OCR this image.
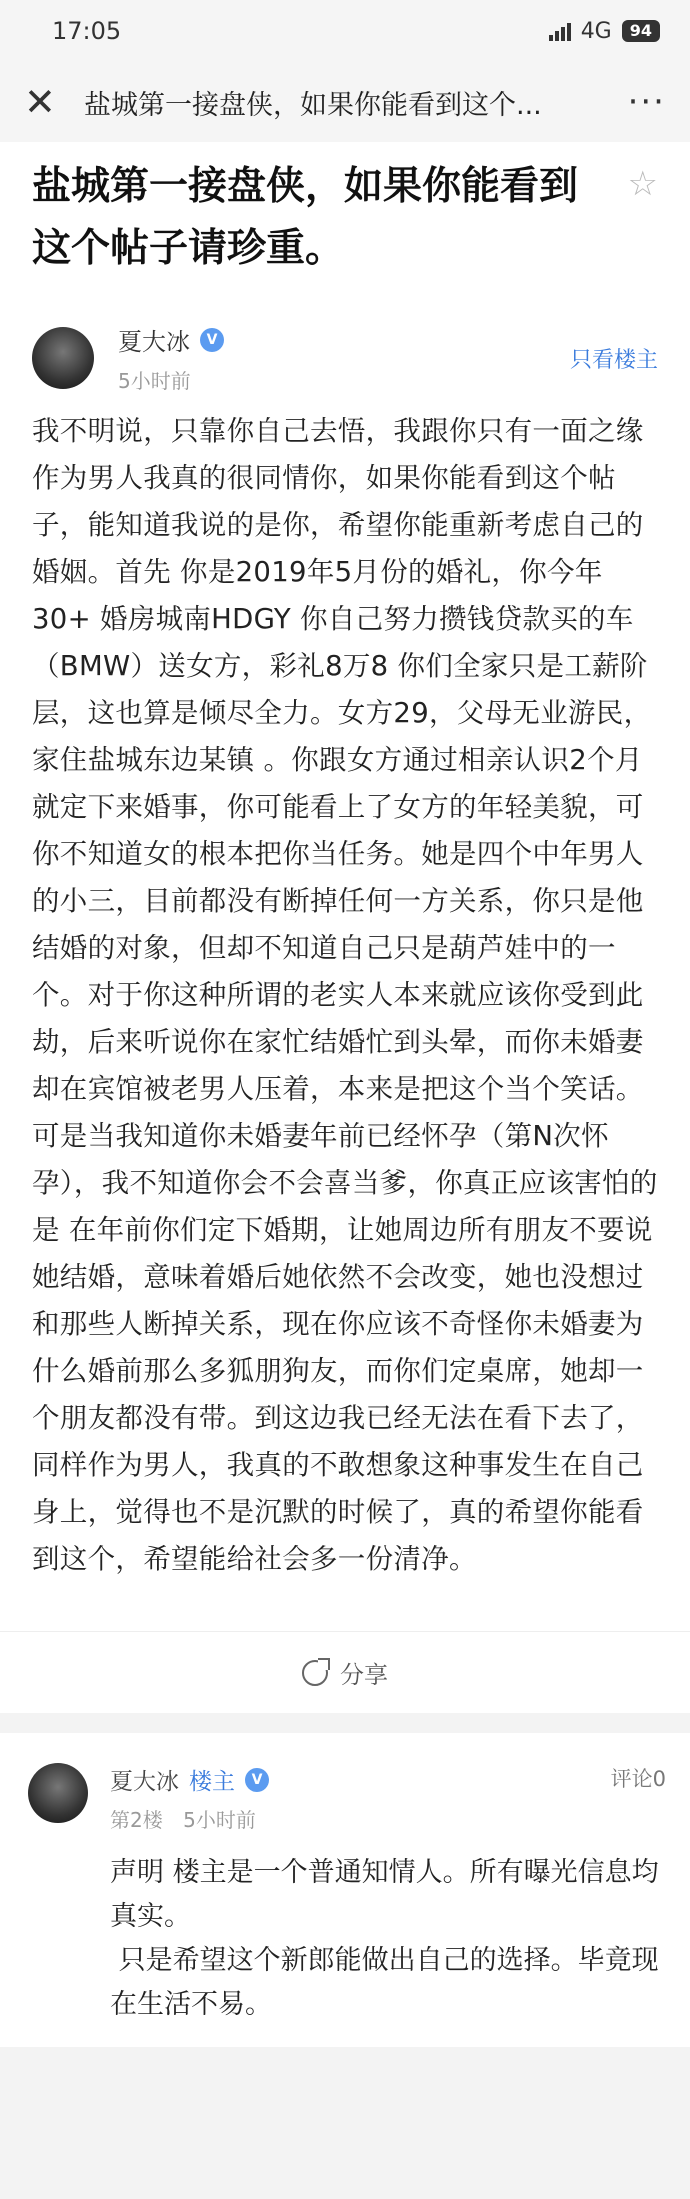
17:05	4G	94
✕	盐城第一接盘侠，如果你能看到这个...	···
盐城第一接盘侠，如果你能看到这个帖子请珍重。
☆
夏大冰	V
5小时前
只看楼主
我不明说，只靠你自己去悟，我跟你只有一面之缘作为男人我真的很同情你，如果你能看到这个帖子，能知道我说的是你，希望你能重新考虑自己的婚姻。首先 你是2019年5月份的婚礼，你今年30+ 婚房城南HDGY 你自己努力攒钱贷款买的车（BMW）送女方，彩礼8万8 你们全家只是工薪阶层，这也算是倾尽全力。女方29，父母无业游民，家住盐城东边某镇 。你跟女方通过相亲认识2个月就定下来婚事，你可能看上了女方的年轻美貌，可你不知道女的根本把你当任务。她是四个中年男人的小三，目前都没有断掉任何一方关系，你只是他结婚的对象，但却不知道自己只是葫芦娃中的一个。对于你这种所谓的老实人本来就应该你受到此劫，后来听说你在家忙结婚忙到头晕，而你未婚妻却在宾馆被老男人压着，本来是把这个当个笑话。可是当我知道你未婚妻年前已经怀孕（第N次怀孕），我不知道你会不会喜当爹，你真正应该害怕的是 在年前你们定下婚期，让她周边所有朋友不要说她结婚，意味着婚后她依然不会改变，她也没想过和那些人断掉关系，现在你应该不奇怪你未婚妻为什么婚前那么多狐朋狗友，而你们定桌席，她却一个朋友都没有带。到这边我已经无法在看下去了，同样作为男人，我真的不敢想象这种事发生在自己身上，觉得也不是沉默的时候了，真的希望你能看到这个，希望能给社会多一份清净。
分享
夏大冰 楼主	V
第2楼 5小时前
评论0

声明 楼主是一个普通知情人。所有曝光信息均真实。

只是希望这个新郎能做出自己的选择。毕竟现在生活不易。
